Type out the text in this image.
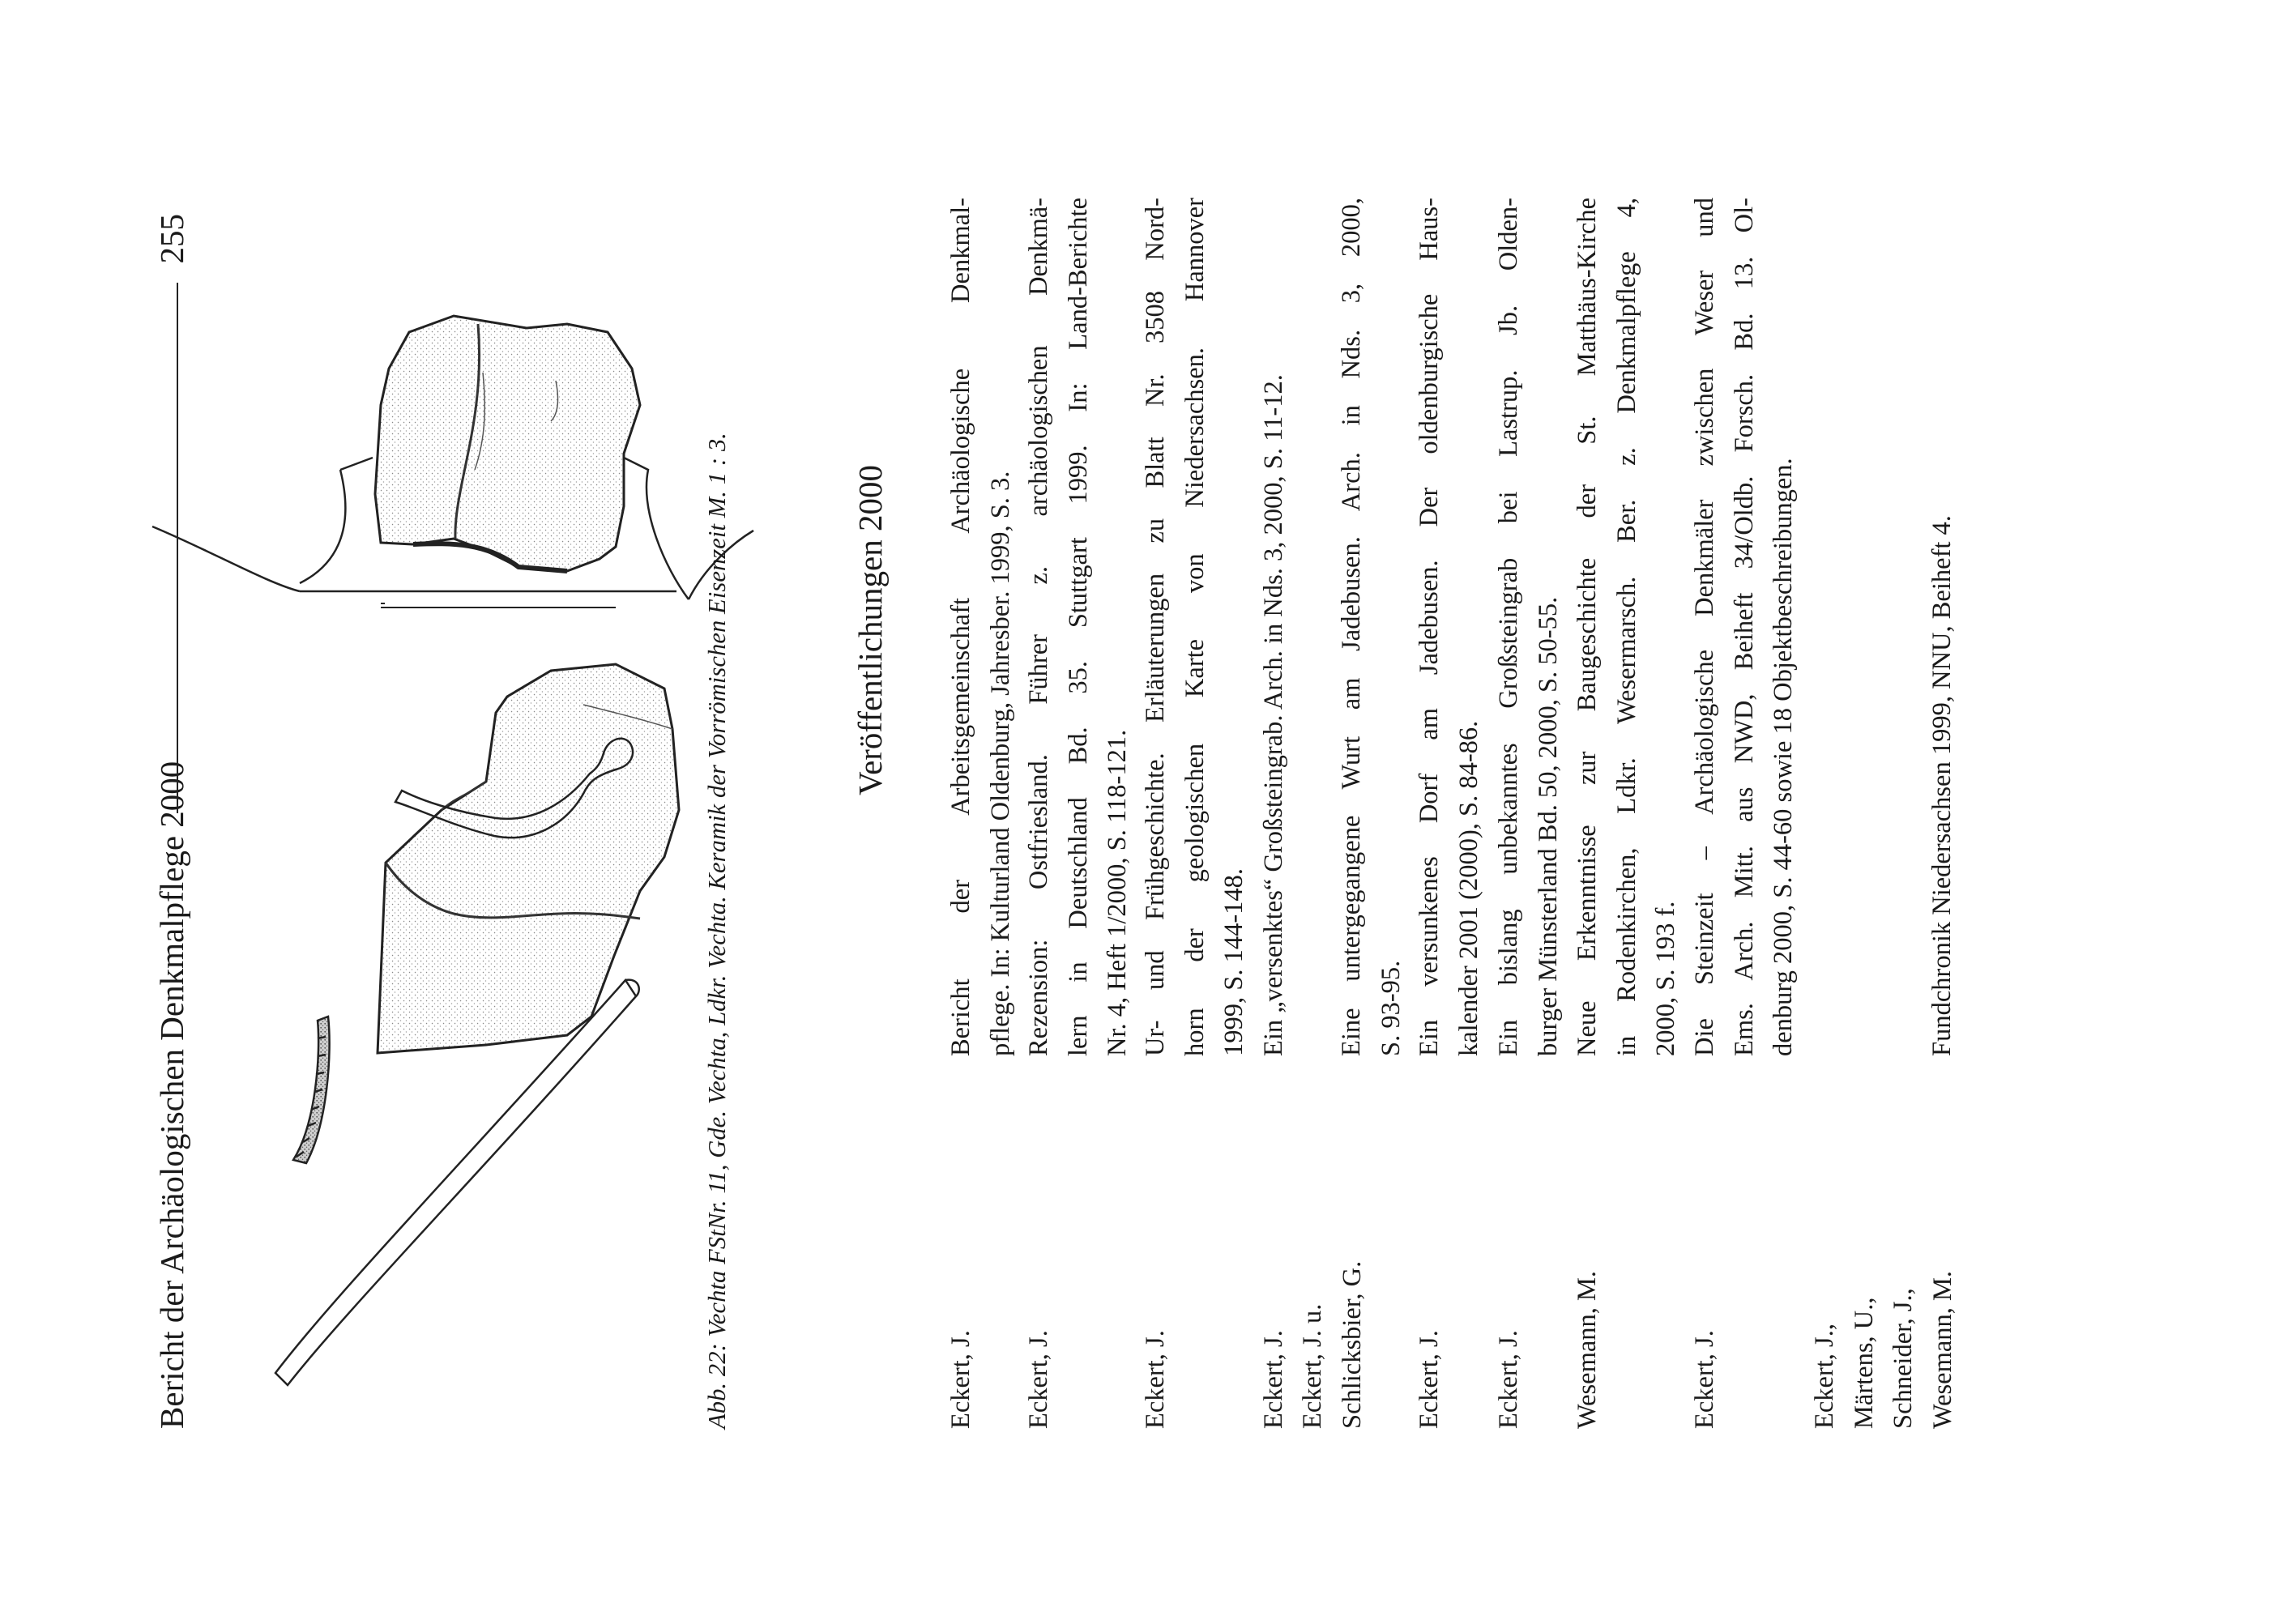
Bericht der Archäologischen Denkmalpflege 2000
255
Abb. 22: Vechta FStNr. 11, Gde. Vechta, Ldkr. Vechta. Keramik der Vorrömischen Eisenzeit M. 1 : 3.	Veröffentlichungen 2000
Eckert, J.
Bericht der Arbeitsgemeinschaft Archäologische Denkmal- pflege. In: Kulturland Oldenburg, Jahresber. 1999, S. 3.
Eckert, J.
Rezension: Ostfriesland. Führer z. archäologischen Denkmä- lern in Deutschland Bd. 35. Stuttgart 1999. In: Land-Berichte Nr. 4, Heft 1/2000, S. 118-121.
Eckert, J.
Ur- und Frühgeschichte. Erläuterungen zu Blatt Nr. 3508 Nord- horn der geologischen Karte von Niedersachsen. Hannover 1999, S. 144-148.
Eckert, J.
Ein „versenktes“ Großsteingrab. Arch. in Nds. 3, 2000, S. 11-12.
Eckert, J. u. Schlicksbier, G.
Eine untergegangene Wurt am Jadebusen. Arch. in Nds. 3, 2000, S. 93-95.
Eckert, J.
Ein versunkenes Dorf am Jadebusen. Der oldenburgische Haus- kalender 2001 (2000), S. 84-86.
Eckert, J.
Ein bislang unbekanntes Großsteingrab bei Lastrup. Jb. Olden- burger Münsterland Bd. 50, 2000, S. 50-55.
Wesemann, M.
Neue Erkenntnisse zur Baugeschichte der St. Matthäus-Kirche in Rodenkirchen, Ldkr. Wesermarsch. Ber. z. Denkmalpflege 4, 2000, S. 193 f.
Eckert, J.
Die Steinzeit – Archäologische Denkmäler zwischen Weser und Ems. Arch. Mitt. aus NWD, Beiheft 34/Oldb. Forsch. Bd. 13. Ol- denburg 2000, S. 44-60 sowie 18 Objektbeschreibungen.
Eckert, J., Märtens, U., Schneider, J., Wesemann, M.
Fundchronik Niedersachsen 1999, NNU, Beiheft 4.
